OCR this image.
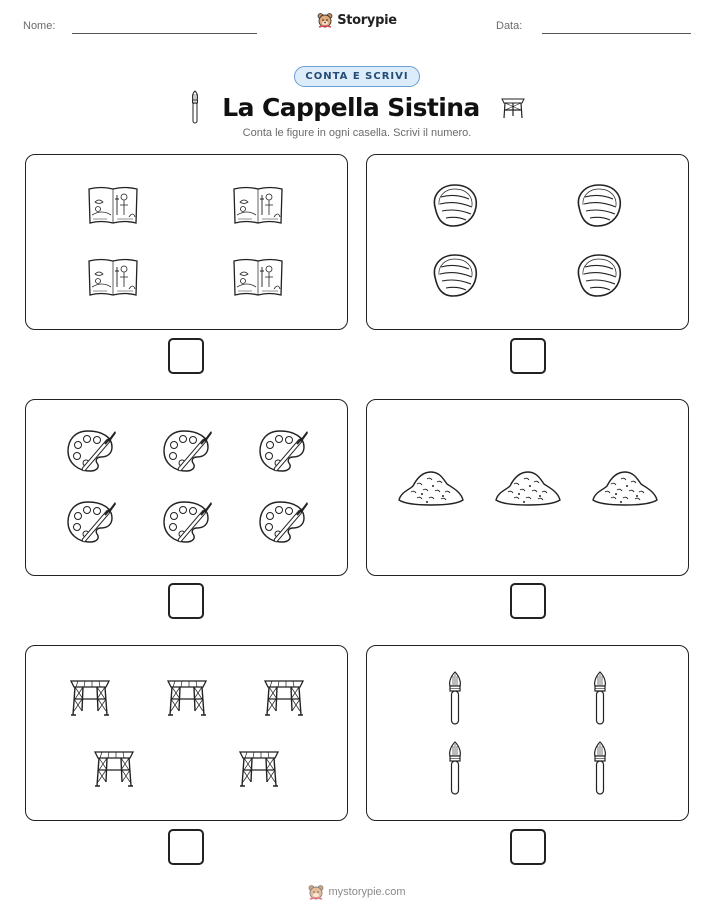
Nome:	Storypie	Data:
CONTA E SCRIVI
La Cappella Sistina
Conta le figure in ogni casella. Scrivi il numero.
mystorypie.com
